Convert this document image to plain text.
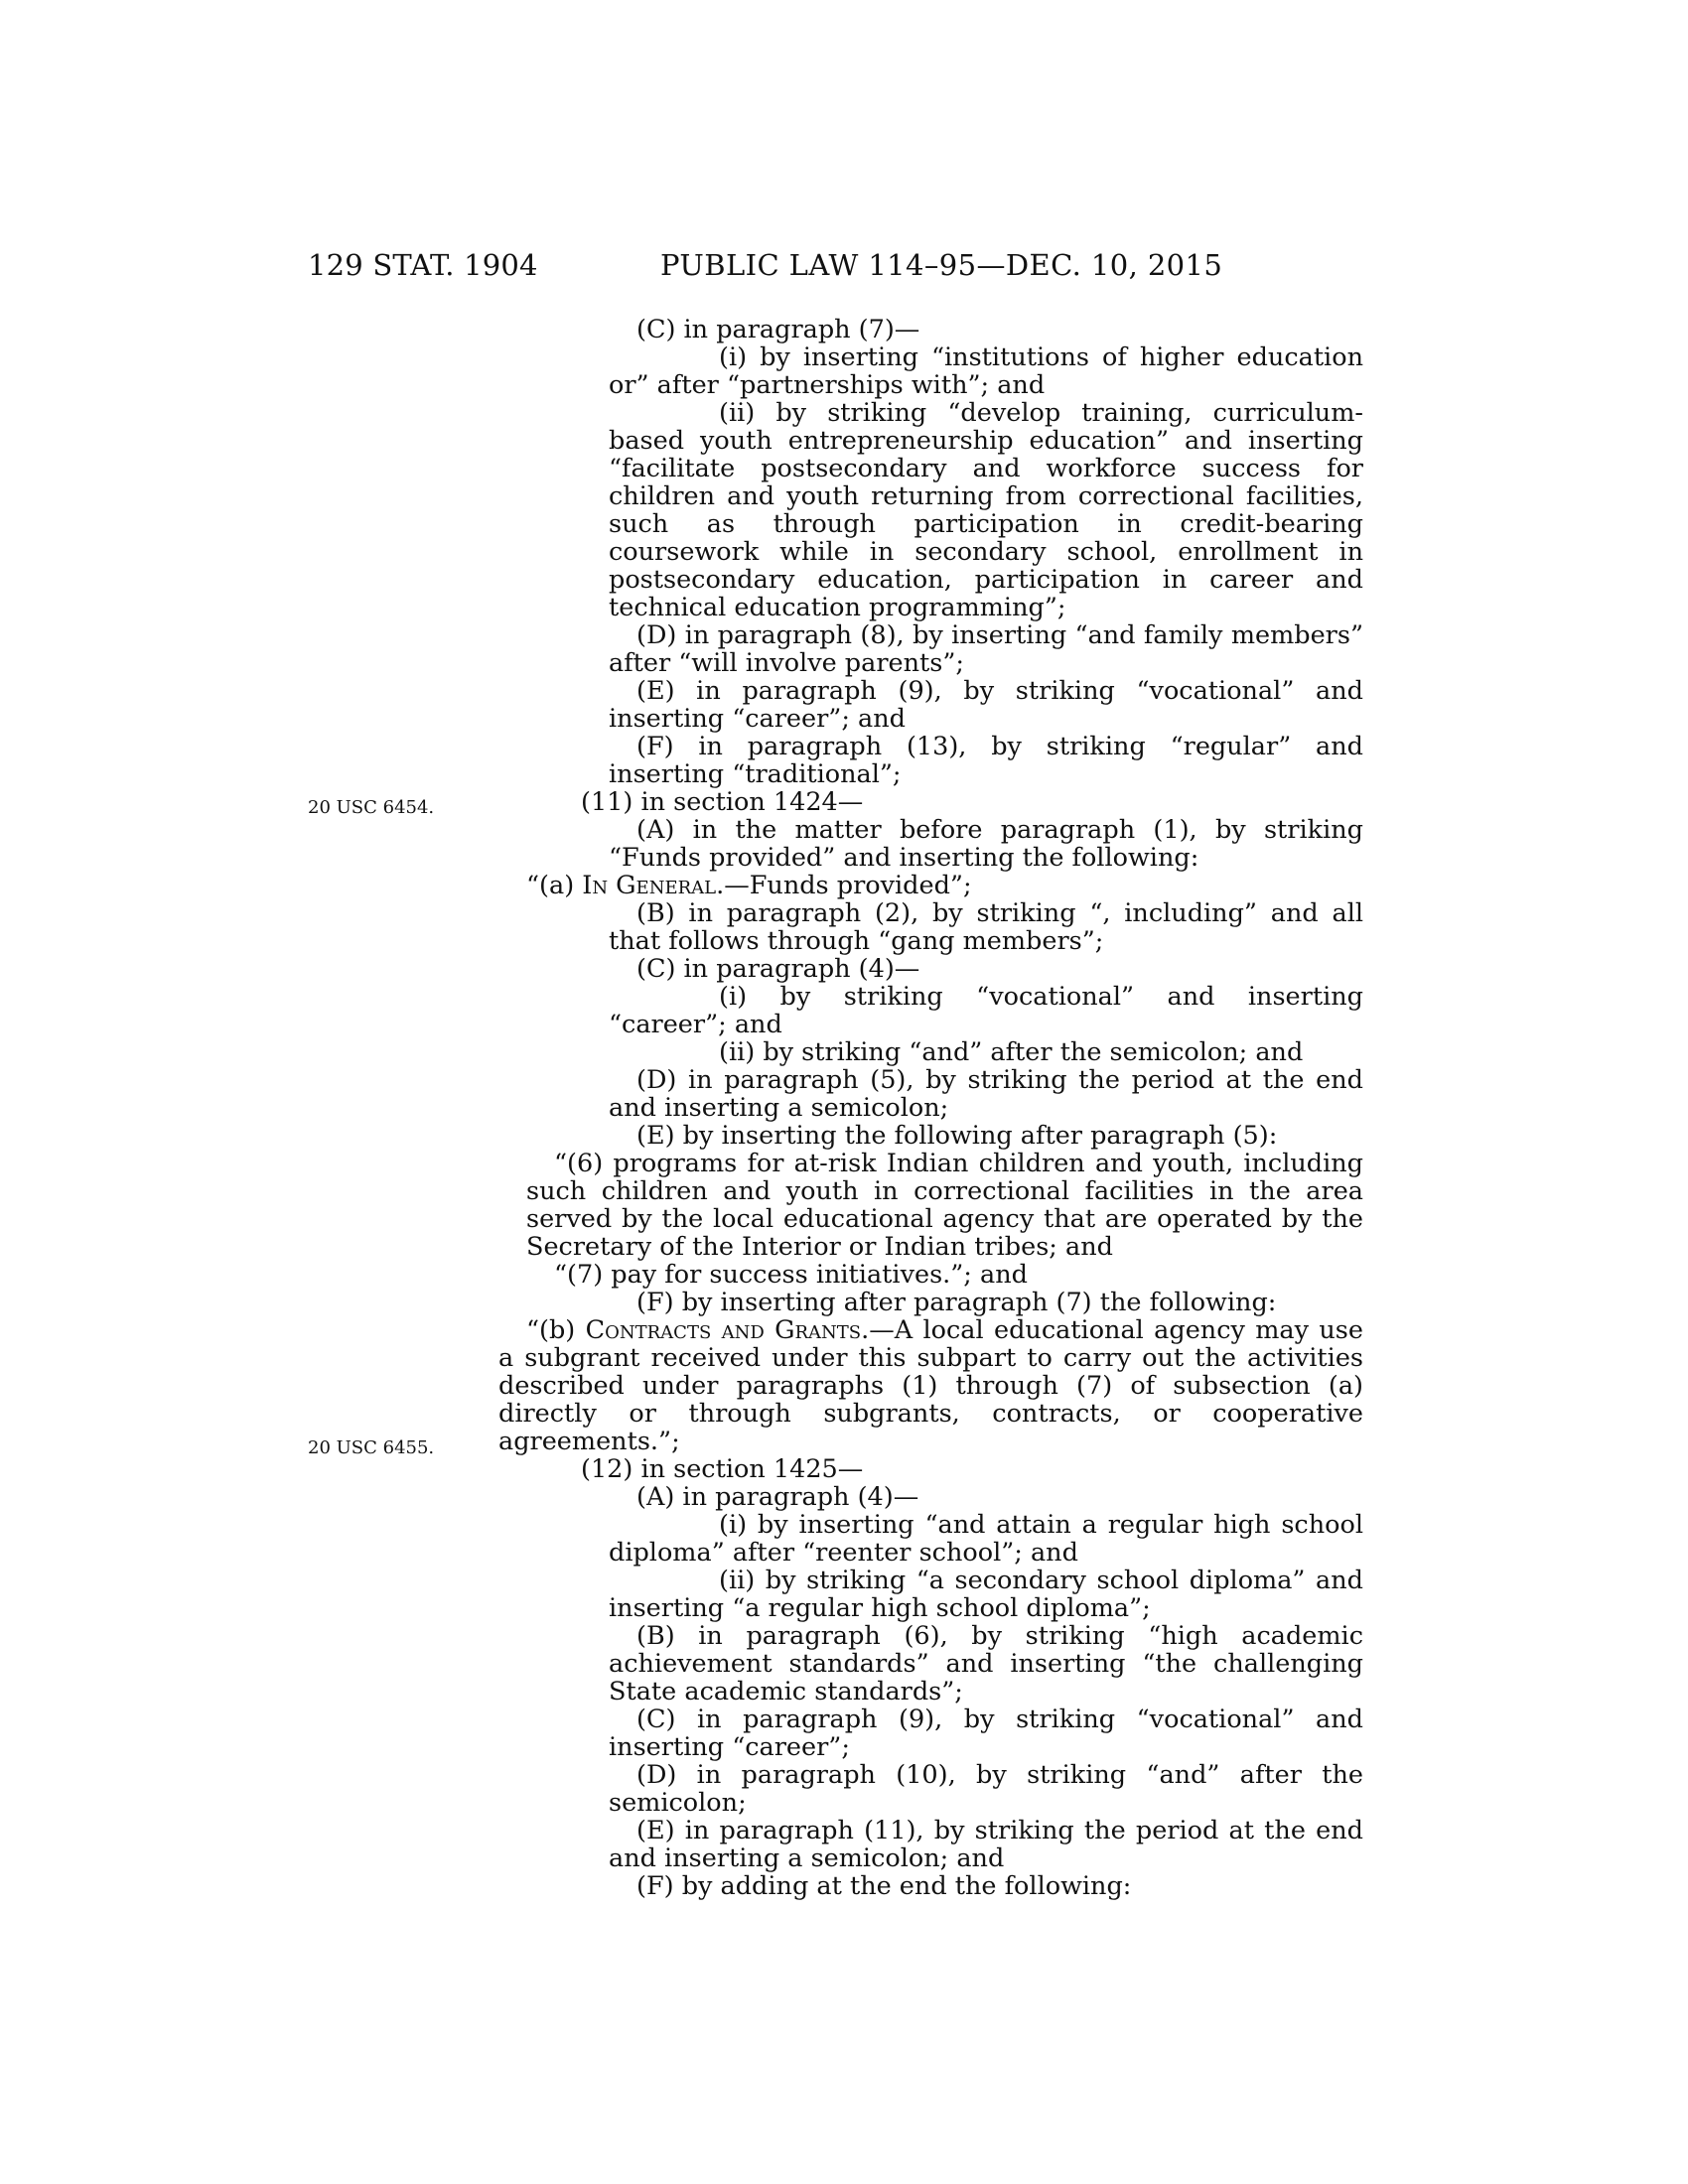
129 STAT. 1904	PUBLIC LAW 114–95—DEC. 10, 2015
20 USC 6454.
20 USC 6455.

(C) in paragraph (7)—

(i) by inserting “institutions of higher education or” after “partnerships with”; and

(ii) by striking “develop training, curriculum-based youth entrepreneurship education” and inserting “facilitate postsecondary and workforce success for children and youth returning from correctional facilities, such as through participation in credit-bearing coursework while in secondary school, enrollment in postsecondary education, participation in career and technical education programming”;

(D) in paragraph (8), by inserting “and family members” after “will involve parents”;

(E) in paragraph (9), by striking “vocational” and inserting “career”; and

(F) in paragraph (13), by striking “regular” and inserting “traditional”;

(11) in section 1424—

(A) in the matter before paragraph (1), by striking “Funds provided” and inserting the following:

“(a) In General.—Funds provided”;

(B) in paragraph (2), by striking “, including” and all that follows through “gang members”;

(C) in paragraph (4)—

(i) by striking “vocational” and inserting “career”; and

(ii) by striking “and” after the semicolon; and

(D) in paragraph (5), by striking the period at the end and inserting a semicolon;

(E) by inserting the following after paragraph (5):

“(6) programs for at-risk Indian children and youth, including such children and youth in correctional facilities in the area served by the local educational agency that are operated by the Secretary of the Interior or Indian tribes; and

“(7) pay for success initiatives.”; and

(F) by inserting after paragraph (7) the following:

“(b) Contracts and Grants.—A local educational agency may use a subgrant received under this subpart to carry out the activities described under paragraphs (1) through (7) of subsection (a) directly or through subgrants, contracts, or cooperative agreements.”;

(12) in section 1425—

(A) in paragraph (4)—

(i) by inserting “and attain a regular high school diploma” after “reenter school”; and

(ii) by striking “a secondary school diploma” and inserting “a regular high school diploma”;

(B) in paragraph (6), by striking “high academic achievement standards” and inserting “the challenging State academic standards”;

(C) in paragraph (9), by striking “vocational” and inserting “career”;

(D) in paragraph (10), by striking “and” after the semicolon;

(E) in paragraph (11), by striking the period at the end and inserting a semicolon; and

(F) by adding at the end the following:
